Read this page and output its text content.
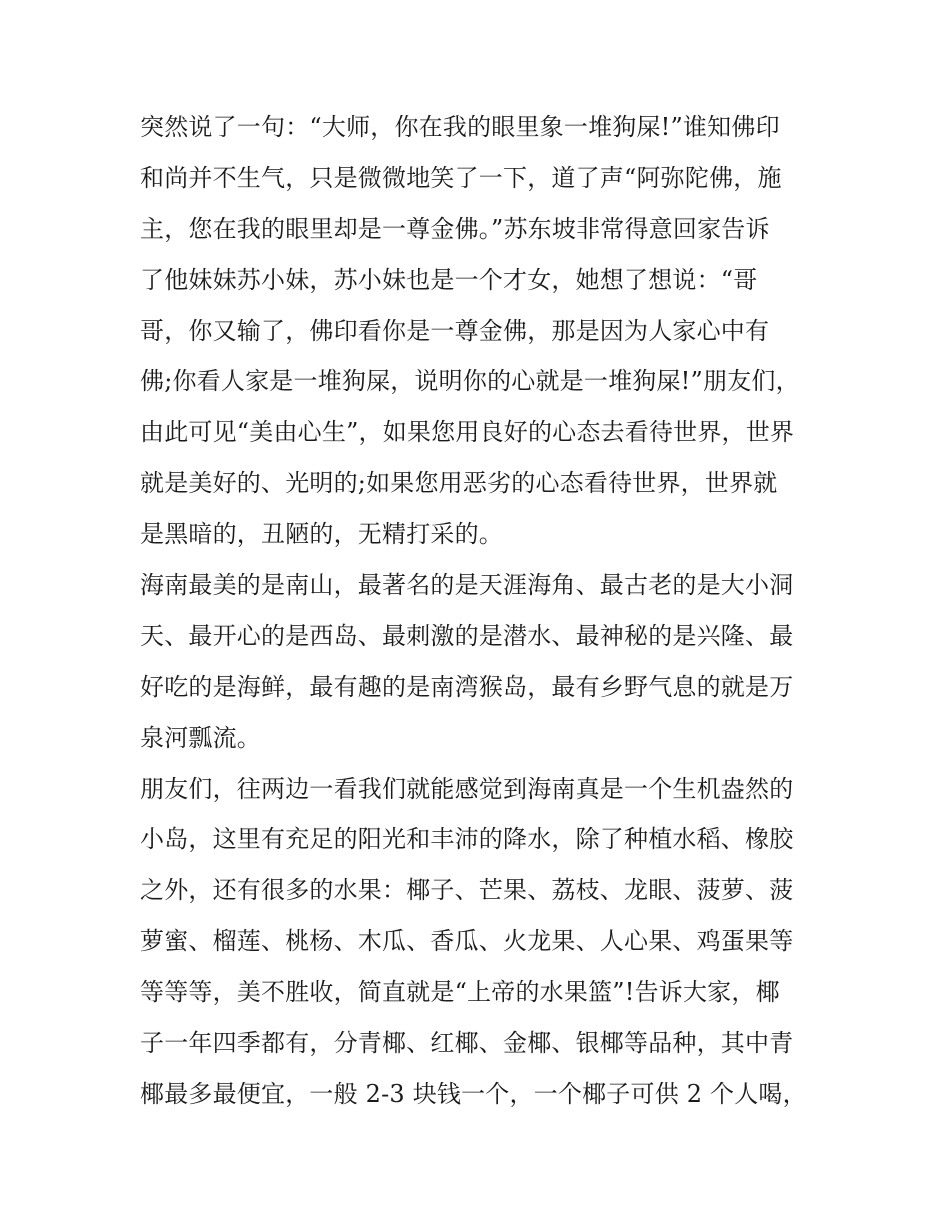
突然说了一句：“大师，你在我的眼里象一堆狗屎!”谁知佛印
和尚并不生气，只是微微地笑了一下，道了声“阿弥陀佛，施
主，您在我的眼里却是一尊金佛。”苏东坡非常得意回家告诉
了他妹妹苏小妹，苏小妹也是一个才女，她想了想说：“哥
哥，你又输了，佛印看你是一尊金佛，那是因为人家心中有
佛;你看人家是一堆狗屎，说明你的心就是一堆狗屎!”朋友们，
由此可见“美由心生”，如果您用良好的心态去看待世界，世界
就是美好的、光明的;如果您用恶劣的心态看待世界，世界就
是黑暗的，丑陋的，无精打采的。
海南最美的是南山，最著名的是天涯海角、最古老的是大小洞
天、最开心的是西岛、最刺激的是潜水、最神秘的是兴隆、最
好吃的是海鲜，最有趣的是南湾猴岛，最有乡野气息的就是万
泉河瓢流。
朋友们，往两边一看我们就能感觉到海南真是一个生机盎然的
小岛，这里有充足的阳光和丰沛的降水，除了种植水稻、橡胶
之外，还有很多的水果：椰子、芒果、荔枝、龙眼、菠萝、菠
萝蜜、榴莲、桃杨、木瓜、香瓜、火龙果、人心果、鸡蛋果等
等等等，美不胜收，简直就是“上帝的水果篮”!告诉大家，椰
子一年四季都有，分青椰、红椰、金椰、银椰等品种，其中青
椰最多最便宜，一般 2-3 块钱一个，一个椰子可供 2 个人喝，
